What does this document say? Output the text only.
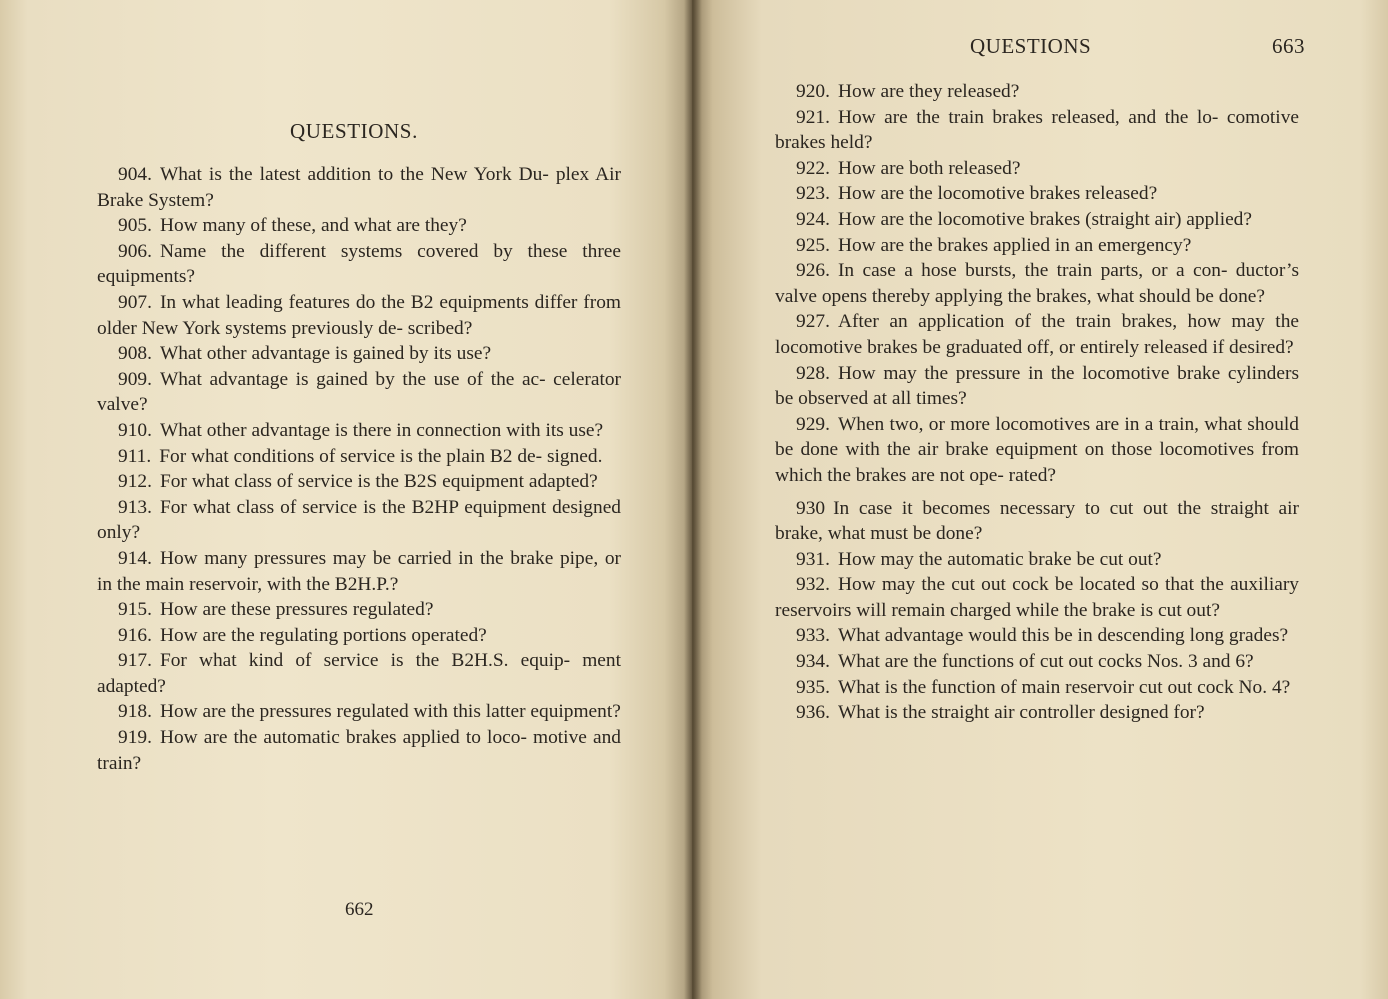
QUESTIONS.

904. What is the latest addition to the New York Du- plex Air Brake System?

905. How many of these, and what are they?

906. Name the different systems covered by these three equipments?

907. In what leading features do the B2 equipments differ from older New York systems previously de- scribed?

908. What other advantage is gained by its use?

909. What advantage is gained by the use of the ac- celerator valve?

910. What other advantage is there in connection with its use?

911. For what conditions of service is the plain B2 de- signed.

912. For what class of service is the B2S equipment adapted?

913. For what class of service is the B2HP equipment designed only?

914. How many pressures may be carried in the brake pipe, or in the main reservoir, with the B2H.P.?

915. How are these pressures regulated?

916. How are the regulating portions operated?

917. For what kind of service is the B2H.S. equip- ment adapted?

918. How are the pressures regulated with this latter equipment?

919. How are the automatic brakes applied to loco- motive and train?

662

QUESTIONS	663

920. How are they released?

921. How are the train brakes released, and the lo- comotive brakes held?

922. How are both released?

923. How are the locomotive brakes released?

924. How are the locomotive brakes (straight air) applied?

925. How are the brakes applied in an emergency?

926. In case a hose bursts, the train parts, or a con- ductor’s valve opens thereby applying the brakes, what should be done?

927. After an application of the train brakes, how may the locomotive brakes be graduated off, or entirely released if desired?

928. How may the pressure in the locomotive brake cylinders be observed at all times?

929. When two, or more locomotives are in a train, what should be done with the air brake equipment on those locomotives from which the brakes are not ope- rated?

930 In case it becomes necessary to cut out the straight air brake, what must be done?

931. How may the automatic brake be cut out?

932. How may the cut out cock be located so that the auxiliary reservoirs will remain charged while the brake is cut out?

933. What advantage would this be in descending long grades?

934. What are the functions of cut out cocks Nos. 3 and 6?

935. What is the function of main reservoir cut out cock No. 4?

936. What is the straight air controller designed for?
